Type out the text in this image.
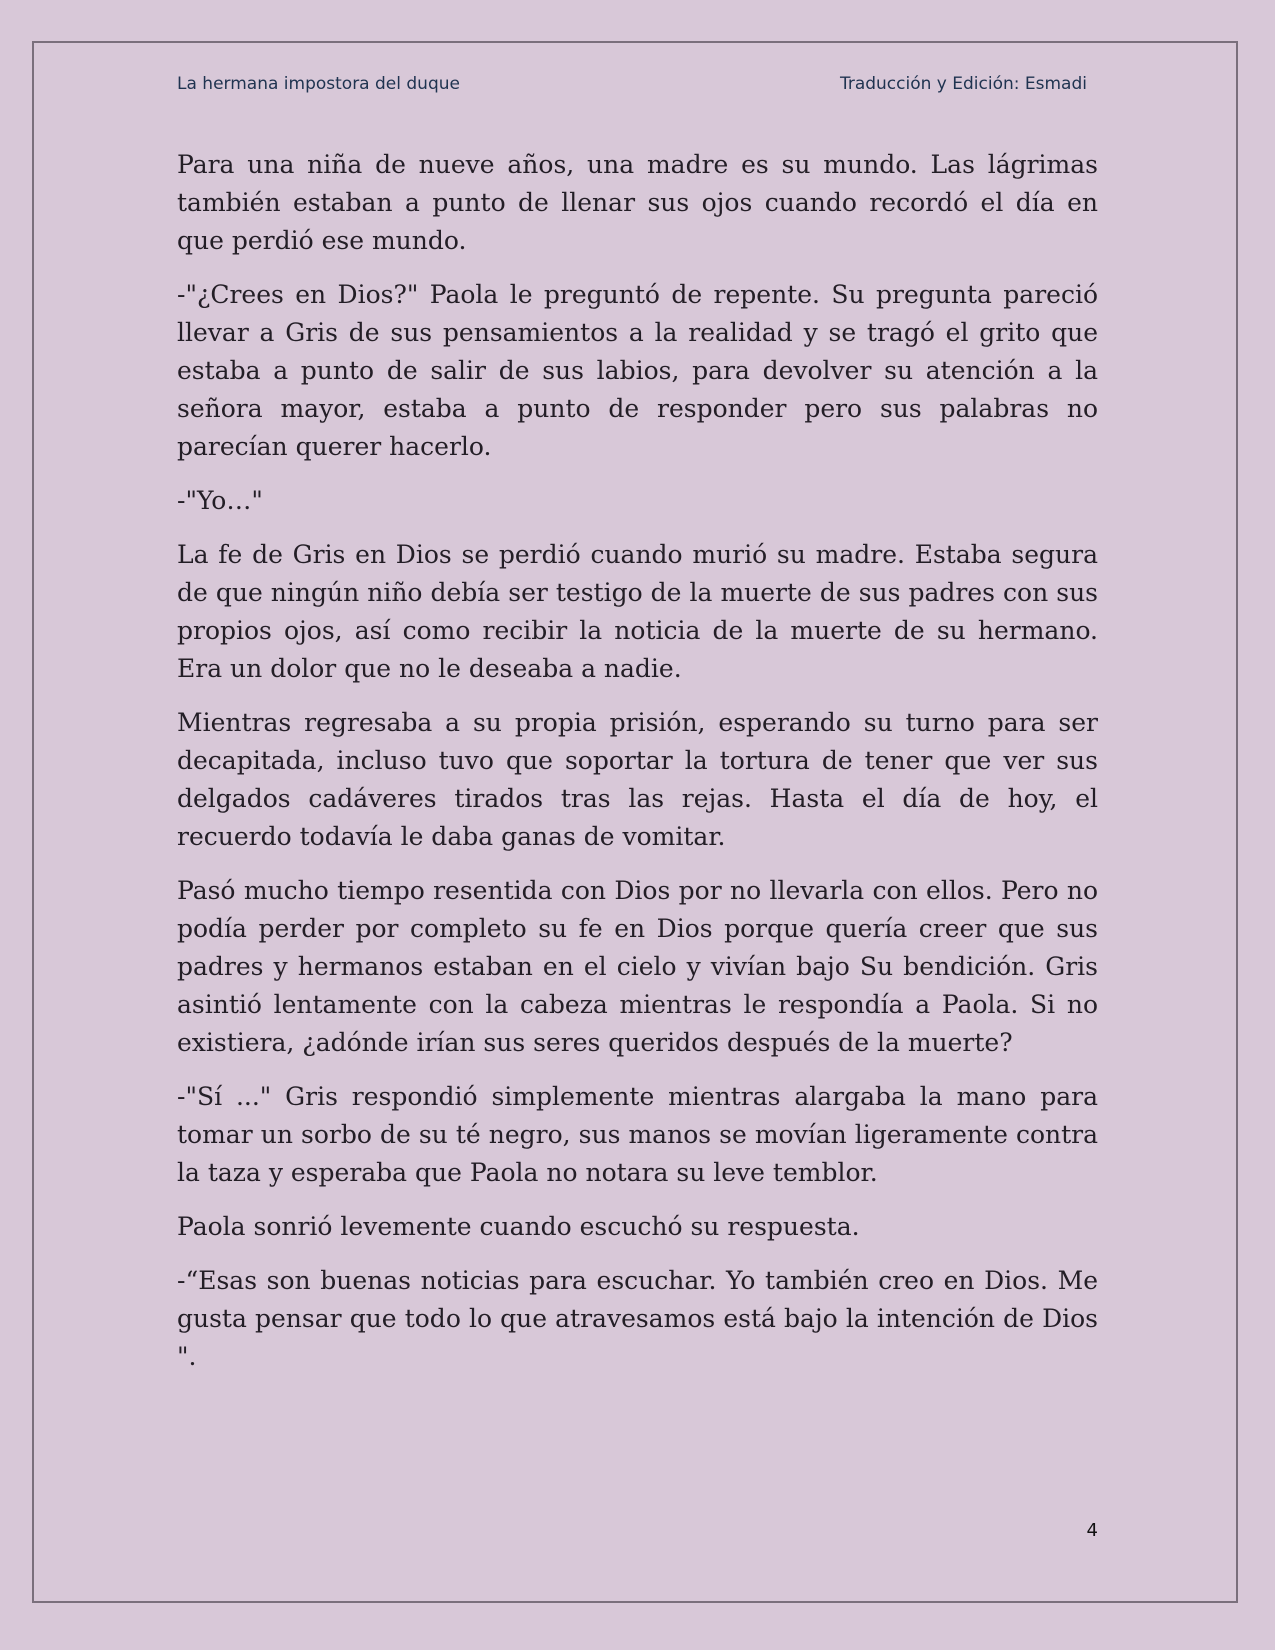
La hermana impostora del duque	Traducción y Edición: Esmadi

Para una niña de nueve años, una madre es su mundo. Las lágrimas también estaban a punto de llenar sus ojos cuando recordó el día en que perdió ese mundo.

-"¿Crees en Dios?" Paola le preguntó de repente. Su pregunta pareció llevar a Gris de sus pensamientos a la realidad y se tragó el grito que estaba a punto de salir de sus labios, para devolver su atención a la señora mayor, estaba a punto de responder pero sus palabras no parecían querer hacerlo.

-"Yo…"

La fe de Gris en Dios se perdió cuando murió su madre. Estaba segura de que ningún niño debía ser testigo de la muerte de sus padres con sus propios ojos, así como recibir la noticia de la muerte de su hermano. Era un dolor que no le deseaba a nadie.

Mientras regresaba a su propia prisión, esperando su turno para ser decapitada, incluso tuvo que soportar la tortura de tener que ver sus delgados cadáveres tirados tras las rejas. Hasta el día de hoy, el recuerdo todavía le daba ganas de vomitar.

Pasó mucho tiempo resentida con Dios por no llevarla con ellos. Pero no podía perder por completo su fe en Dios porque quería creer que sus padres y hermanos estaban en el cielo y vivían bajo Su bendición. Gris asintió lentamente con la cabeza mientras le respondía a Paola. Si no existiera, ¿adónde irían sus seres queridos después de la muerte?

-"Sí ..." Gris respondió simplemente mientras alargaba la mano para tomar un sorbo de su té negro, sus manos se movían ligeramente contra la taza y esperaba que Paola no notara su leve temblor.

Paola sonrió levemente cuando escuchó su respuesta.

-“Esas son buenas noticias para escuchar. Yo también creo en Dios. Me gusta pensar que todo lo que atravesamos está bajo la intención de Dios ".

4
